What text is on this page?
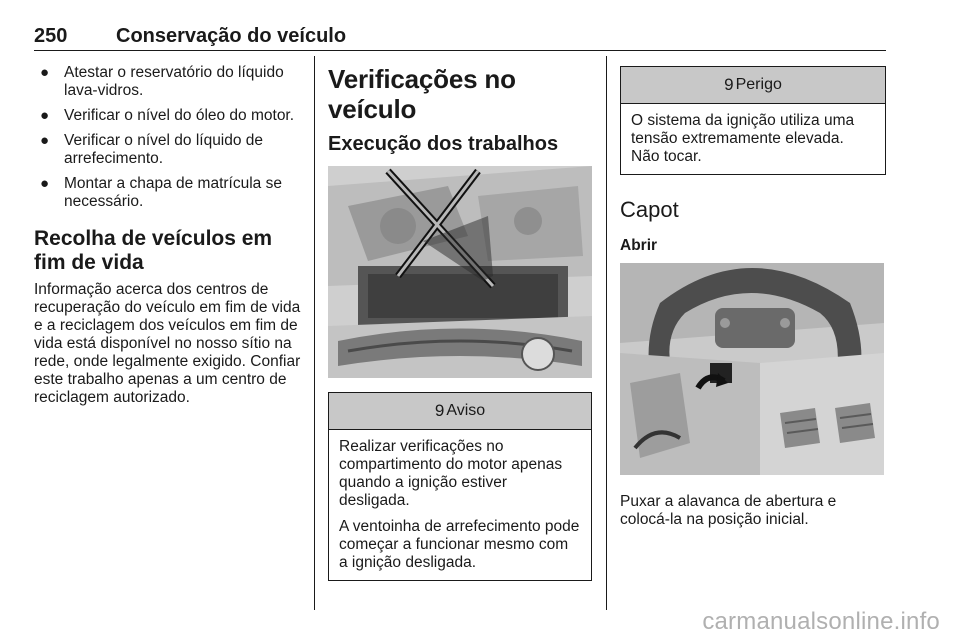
250 Conservação do veículo
● Atestar o reservatório do líquido lava-vidros.
● Verificar o nível do óleo do motor.
● Verificar o nível do líquido de arrefecimento.
● Montar a chapa de matrícula se necessário.
Recolha de veículos em fim de vida

Informação acerca dos centros de recuperação do veículo em fim de vida e a reciclagem dos veículos em fim de vida está disponível no nosso sítio na rede, onde legalmente exigido. Confiar este trabalho apenas a um centro de reciclagem autorizado.

Verificações no veículo
Execução dos trabalhos
9 Aviso

Realizar verificações no compartimento do motor apenas quando a ignição estiver desligada.

A ventoinha de arrefecimento pode começar a funcionar mesmo com a ignição desligada.

9 Perigo

O sistema da ignição utiliza uma tensão extremamente elevada. Não tocar.

Capot
Abrir

Puxar a alavanca de abertura e colocá-la na posição inicial.

carmanualsonline.info
